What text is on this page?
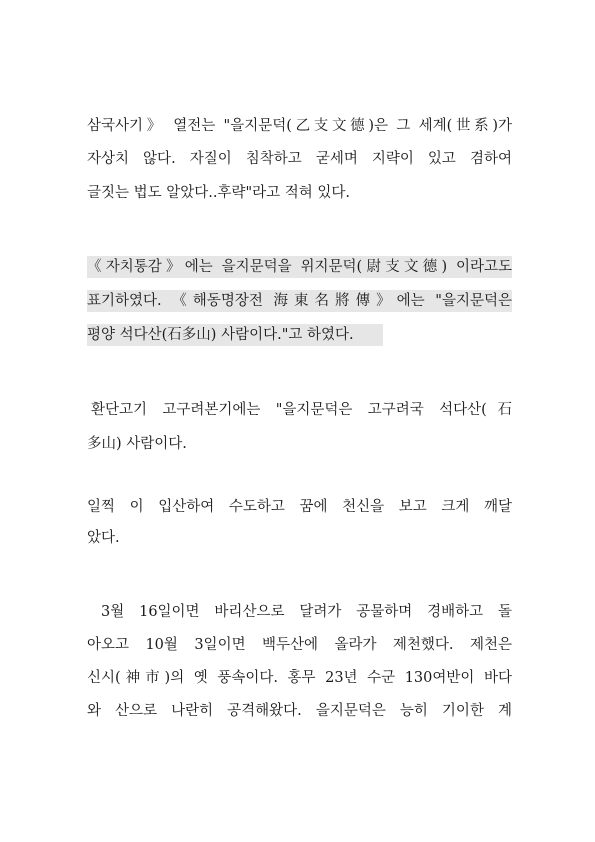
삼국사기》 열전는 "을지문덕(乙支文德)은 그 세계(世系)가
자상치 않다. 자질이 침착하고 굳세며 지략이 있고 겸하여
글짓는 법도 알았다..후략"라고 적혀 있다.
《자치통감》에는 을지문덕을 위지문덕(尉支文德) 이라고도
표기하였다. 《해동명장전 海東名將傳》에는 "을지문덕은
평양 석다산(石多山) 사람이다."고 하였다.
환단고기 고구려본기에는 "을지문덕은 고구려국 석다산(石
多山) 사람이다.
일찍 이 입산하여 수도하고 꿈에 천신을 보고 크게 깨달
았다.
3월 16일이면 바리산으로 달려가 공물하며 경배하고 돌
아오고 10월 3일이면 백두산에 올라가 제천했다. 제천은
신시(神市)의 옛 풍속이다. 홍무 23년 수군 130여반이 바다
와 산으로 나란히 공격해왔다. 을지문덕은 능히 기이한 계
